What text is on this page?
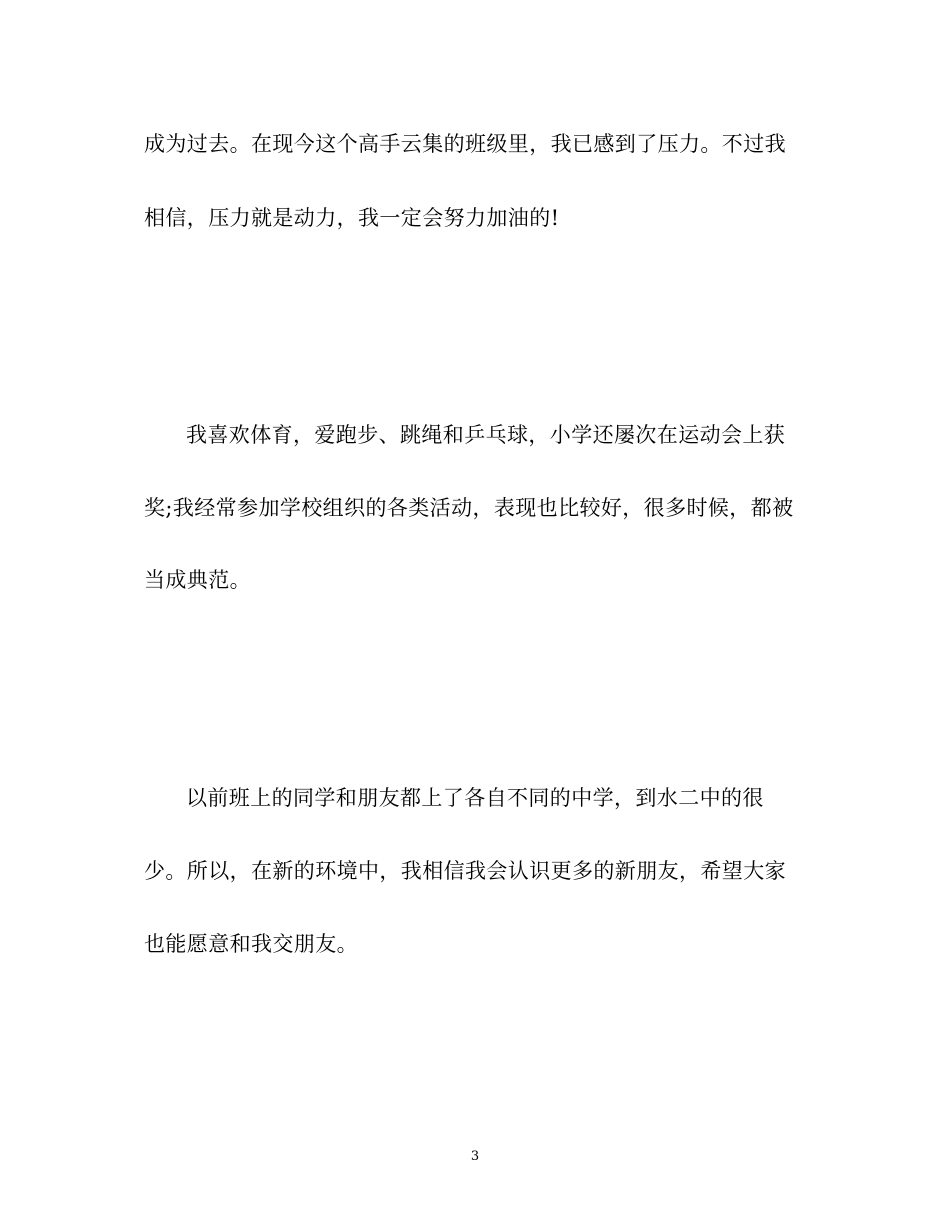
成为过去。在现今这个高手云集的班级里，我已感到了压力。不过我
相信，压力就是动力，我一定会努力加油的!
我喜欢体育，爱跑步、跳绳和乒乓球，小学还屡次在运动会上获
奖;我经常参加学校组织的各类活动，表现也比较好，很多时候，都被
当成典范。
以前班上的同学和朋友都上了各自不同的中学，到水二中的很
少。所以，在新的环境中，我相信我会认识更多的新朋友，希望大家
也能愿意和我交朋友。
3
